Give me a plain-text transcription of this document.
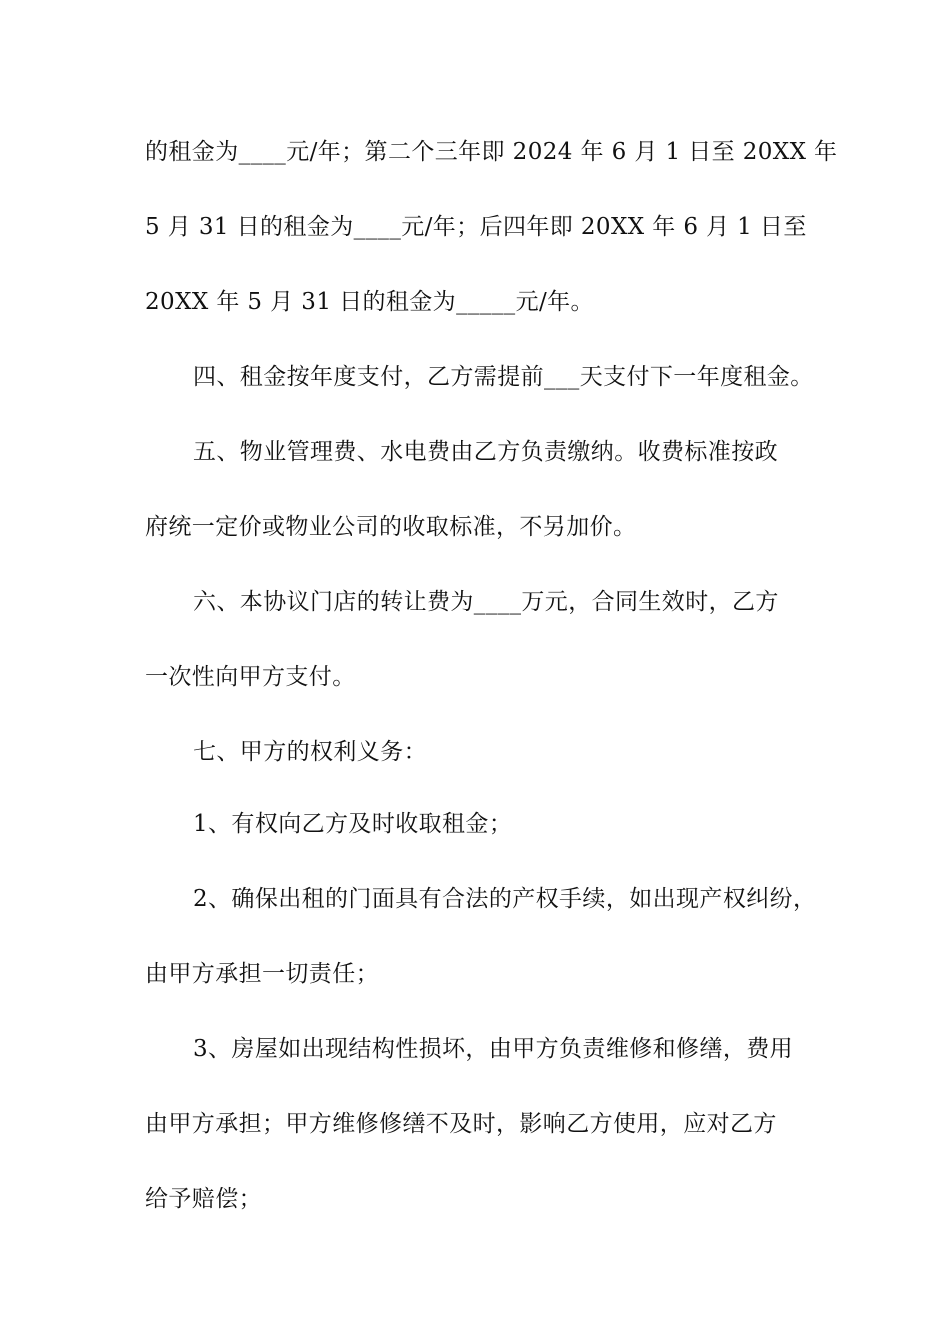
的租金为____元/年；第二个三年即 2024 年 6 月 1 日至 20XX 年
5 月 31 日的租金为____元/年；后四年即 20XX 年 6 月 1 日至
20XX 年 5 月 31 日的租金为_____元/年。
四、租金按年度支付，乙方需提前___天支付下一年度租金。
五、物业管理费、水电费由乙方负责缴纳。收费标准按政
府统一定价或物业公司的收取标准，不另加价。
六、本协议门店的转让费为____万元，合同生效时，乙方
一次性向甲方支付。
七、甲方的权利义务：
1、有权向乙方及时收取租金；
2、确保出租的门面具有合法的产权手续，如出现产权纠纷，
由甲方承担一切责任；
3、房屋如出现结构性损坏，由甲方负责维修和修缮，费用
由甲方承担；甲方维修修缮不及时，影响乙方使用，应对乙方
给予赔偿；
